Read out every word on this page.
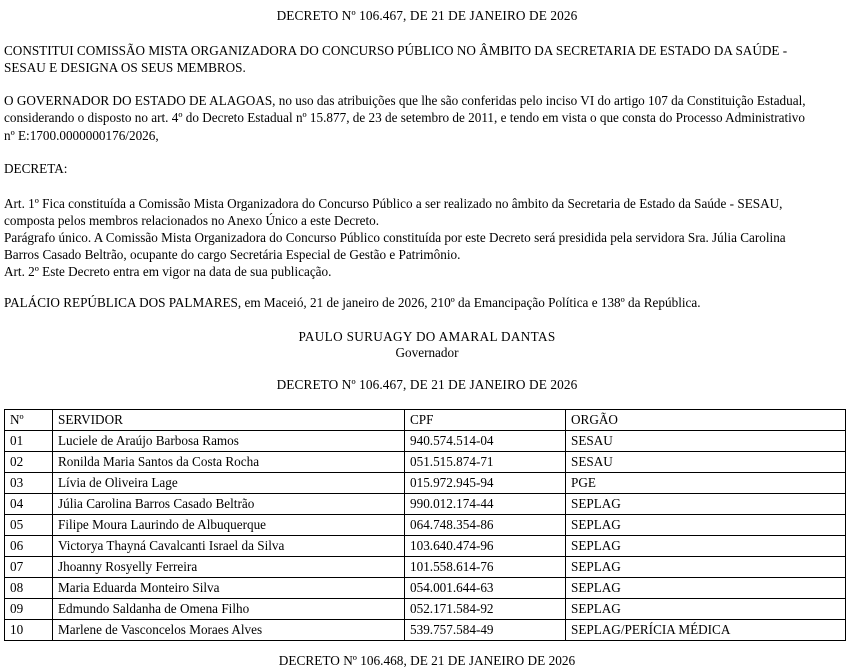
DECRETO Nº 106.467, DE 21 DE JANEIRO DE 2026
CONSTITUI COMISSÃO MISTA ORGANIZADORA DO CONCURSO PÚBLICO NO ÂMBITO DA SECRETARIA DE ESTADO DA SAÚDE -
SESAU E DESIGNA OS SEUS MEMBROS.
O GOVERNADOR DO ESTADO DE ALAGOAS, no uso das atribuições que lhe são conferidas pelo inciso VI do artigo 107 da Constituição Estadual,
considerando o disposto no art. 4º do Decreto Estadual nº 15.877, de 23 de setembro de 2011, e tendo em vista o que consta do Processo Administrativo
nº E:1700.0000000176/2026,
DECRETA:
Art. 1º Fica constituída a Comissão Mista Organizadora do Concurso Público a ser realizado no âmbito da Secretaria de Estado da Saúde - SESAU,
composta pelos membros relacionados no Anexo Único a este Decreto.
Parágrafo único. A Comissão Mista Organizadora do Concurso Público constituída por este Decreto será presidida pela servidora Sra. Júlia Carolina
Barros Casado Beltrão, ocupante do cargo Secretária Especial de Gestão e Patrimônio.
Art. 2º Este Decreto entra em vigor na data de sua publicação.
PALÁCIO REPÚBLICA DOS PALMARES, em Maceió, 21 de janeiro de 2026, 210º da Emancipação Política e 138º da República.
PAULO SURUAGY DO AMARAL DANTAS
Governador
DECRETO Nº 106.467, DE 21 DE JANEIRO DE 2026
Nº	SERVIDOR	CPF	ORGÃO
01	Luciele de Araújo Barbosa Ramos	940.574.514-04	SESAU
02	Ronilda Maria Santos da Costa Rocha	051.515.874-71	SESAU
03	Lívia de Oliveira Lage	015.972.945-94	PGE
04	Júlia Carolina Barros Casado Beltrão	990.012.174-44	SEPLAG
05	Filipe Moura Laurindo de Albuquerque	064.748.354-86	SEPLAG
06	Victorya Thayná Cavalcanti Israel da Silva	103.640.474-96	SEPLAG
07	Jhoanny Rosyelly Ferreira	101.558.614-76	SEPLAG
08	Maria Eduarda Monteiro Silva	054.001.644-63	SEPLAG
09	Edmundo Saldanha de Omena Filho	052.171.584-92	SEPLAG
10	Marlene de Vasconcelos Moraes Alves	539.757.584-49	SEPLAG/PERÍCIA MÉDICA
DECRETO Nº 106.468, DE 21 DE JANEIRO DE 2026
